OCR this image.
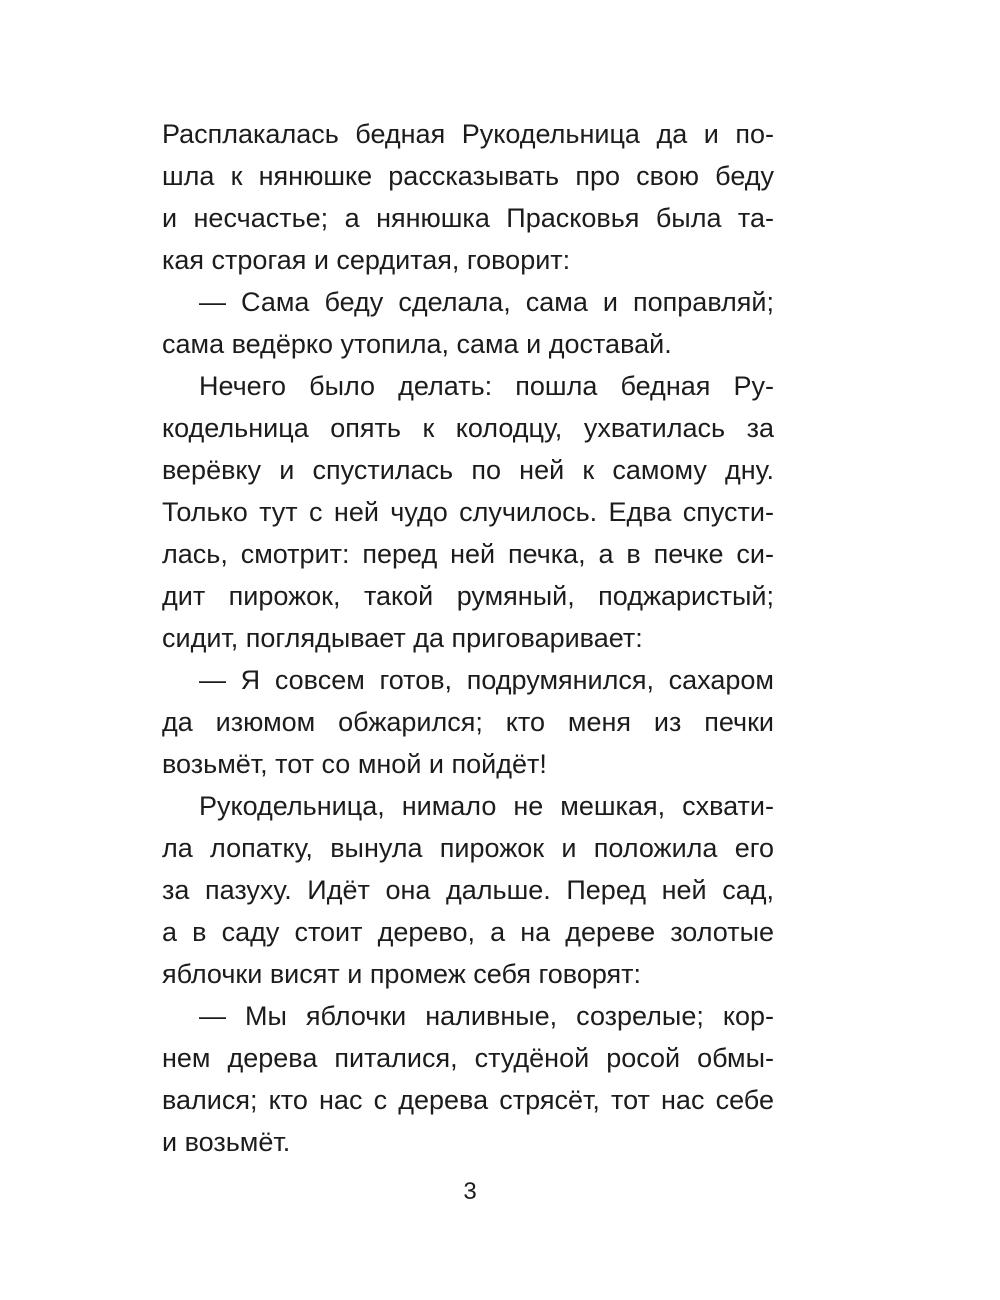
Расплакалась бедная Рукодельница да и по-
шла к нянюшке рассказывать про свою беду
и несчастье; а нянюшка Прасковья была та-
кая строгая и сердитая, говорит:
— Сама беду сделала, сама и поправляй;
сама ведёрко утопила, сама и доставай.
Нечего было делать: пошла бедная Ру-
кодельница опять к колодцу, ухватилась за
верёвку и спустилась по ней к самому дну.
Только тут с ней чудо случилось. Едва спусти-
лась, смотрит: перед ней печка, а в печке си-
дит пирожок, такой румяный, поджаристый;
сидит, поглядывает да приговаривает:
— Я совсем готов, подрумянился, сахаром
да изюмом обжарился; кто меня из печки
возьмёт, тот со мной и пойдёт!
Рукодельница, нимало не мешкая, схвати-
ла лопатку, вынула пирожок и положила его
за пазуху. Идёт она дальше. Перед ней сад,
а в саду стоит дерево, а на дереве золотые
яблочки висят и промеж себя говорят:
— Мы яблочки наливные, созрелые; кор-
нем дерева питалися, студёной росой обмы-
валися; кто нас с дерева стрясёт, тот нас себе
и возьмёт.
3
